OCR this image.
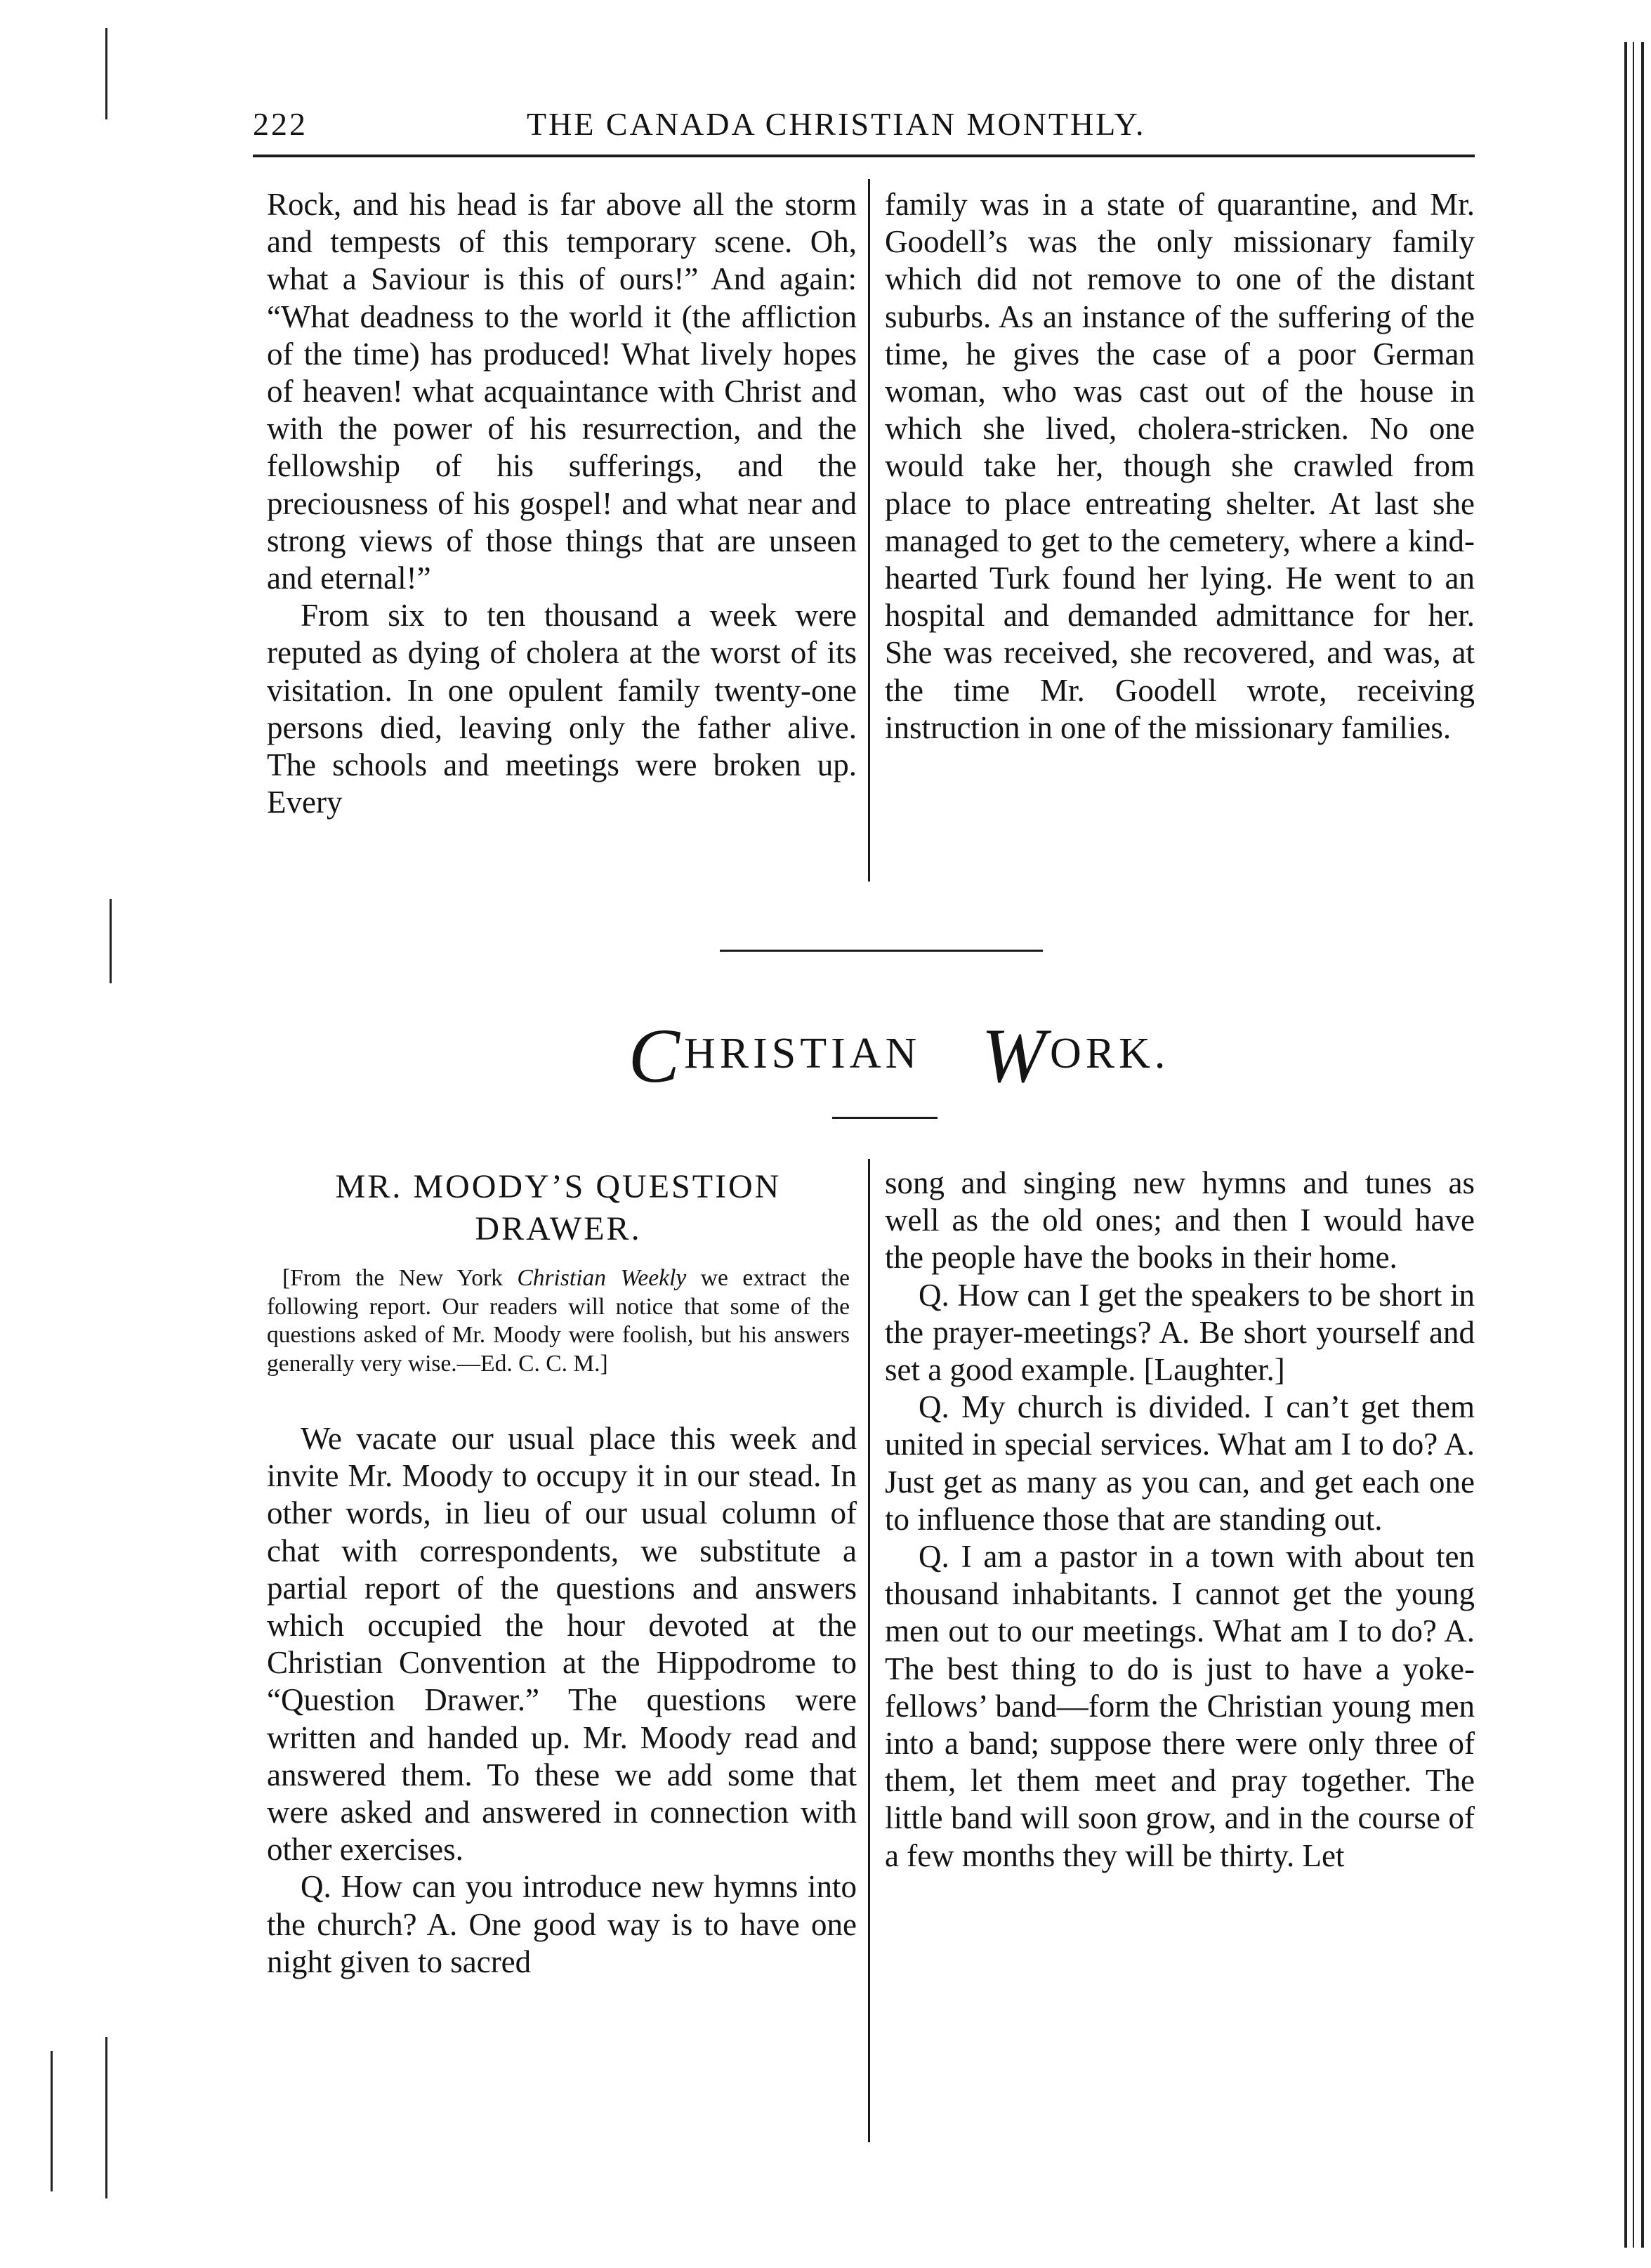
222	THE CANADA CHRISTIAN MONTHLY.

Rock, and his head is far above all the storm and tempests of this temporary scene. Oh, what a Saviour is this of ours!” And again: “What deadness to the world it (the affliction of the time) has produced! What lively hopes of heaven! what acquaintance with Christ and with the power of his resurrection, and the fellowship of his sufferings, and the preciousness of his gospel! and what near and strong views of those things that are unseen and eternal!”

From six to ten thousand a week were reputed as dying of cholera at the worst of its visitation. In one opulent family twenty-one persons died, leaving only the father alive. The schools and meetings were broken up. Every

family was in a state of quarantine, and Mr. Goodell’s was the only missionary family which did not remove to one of the distant suburbs. As an instance of the suffering of the time, he gives the case of a poor German woman, who was cast out of the house in which she lived, cholera-stricken. No one would take her, though she crawled from place to place entreating shelter. At last she managed to get to the cemetery, where a kind-hearted Turk found her lying. He went to an hospital and demanded admittance for her. She was received, she recovered, and was, at the time Mr. Goodell wrote, receiving instruction in one of the missionary families.

CHRISTIAN WORK.
MR. MOODY’S QUESTION
DRAWER.

[From the New York Christian Weekly we extract the following report. Our readers will notice that some of the questions asked of Mr. Moody were foolish, but his answers generally very wise.—Ed. C. C. M.]

We vacate our usual place this week and invite Mr. Moody to occupy it in our stead. In other words, in lieu of our usual column of chat with correspondents, we substitute a partial report of the questions and answers which occupied the hour devoted at the Christian Convention at the Hippodrome to “Question Drawer.” The questions were written and handed up. Mr. Moody read and answered them. To these we add some that were asked and answered in connection with other exercises.

Q. How can you introduce new hymns into the church? A. One good way is to have one night given to sacred

song and singing new hymns and tunes as well as the old ones; and then I would have the people have the books in their home.

Q. How can I get the speakers to be short in the prayer-meetings? A. Be short yourself and set a good example. [Laughter.]

Q. My church is divided. I can’t get them united in special services. What am I to do? A. Just get as many as you can, and get each one to influence those that are standing out.

Q. I am a pastor in a town with about ten thousand inhabitants. I cannot get the young men out to our meetings. What am I to do? A. The best thing to do is just to have a yokefellows’ band—form the Christian young men into a band; suppose there were only three of them, let them meet and pray together. The little band will soon grow, and in the course of a few months they will be thirty. Let
